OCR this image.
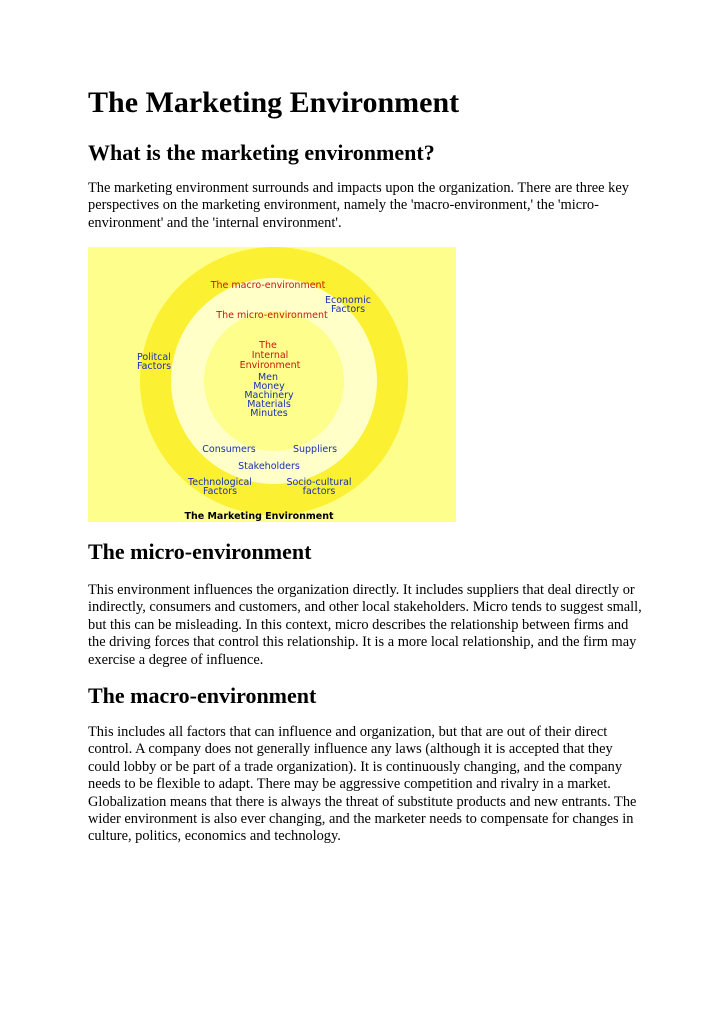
The Marketing Environment
What is the marketing environment?

The marketing environment surrounds and impacts upon the organization. There are three key perspectives on the marketing environment, namely the 'macro-environment,' the 'micro-environment' and the 'internal environment'.

The micro-environment

This environment influences the organization directly. It includes suppliers that deal directly or indirectly, consumers and customers, and other local stakeholders. Micro tends to suggest small, but this can be misleading. In this context, micro describes the relationship between firms and the driving forces that control this relationship. It is a more local relationship, and the firm may exercise a degree of influence.

The macro-environment

This includes all factors that can influence and organization, but that are out of their direct control. A company does not generally influence any laws (although it is accepted that they could lobby or be part of a trade organization). It is continuously changing, and the company needs to be flexible to adapt. There may be aggressive competition and rivalry in a market. Globalization means that there is always the threat of substitute products and new entrants. The wider environment is also ever changing, and the marketer needs to compensate for changes in culture, politics, economics and technology.

The macro-environment
The micro-environment
The
Internal
Environment
Men
Money
Machinery
Materials
Minutes
Economic
Factors
Politcal
Factors
Consumers	Suppliers
Stakeholders
Technological
Factors
Socio-cultural
factors
The Marketing Environment
